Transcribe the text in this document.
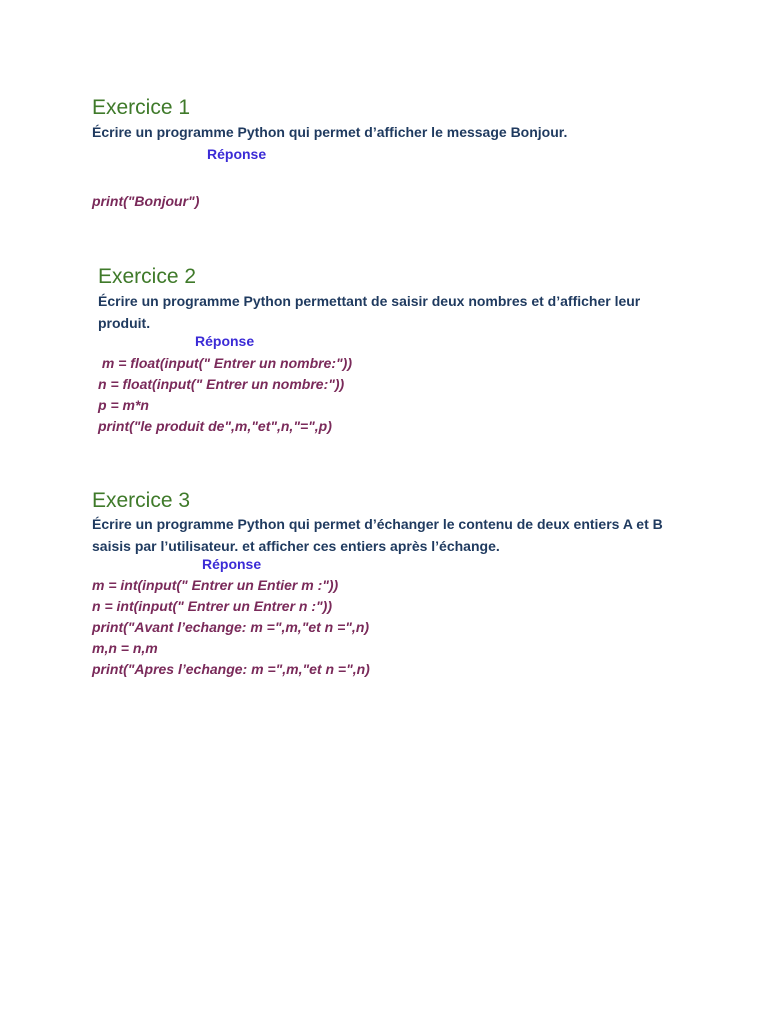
Exercice 1
Écrire un programme Python qui permet d’afficher le message Bonjour.
Réponse
print("Bonjour")
Exercice 2
Écrire un programme Python permettant de saisir deux nombres et d’afficher leur produit.
Réponse
m = float(input(" Entrer un nombre:"))
n = float(input(" Entrer un nombre:"))
p = m*n
print("le produit de",m,"et",n,"=",p)
Exercice 3
Écrire un programme Python qui permet d’échanger le contenu de deux entiers A et B saisis par l’utilisateur. et afficher ces entiers après l’échange.
Réponse
m = int(input(" Entrer un Entier m :"))
n = int(input(" Entrer un Entrer n :"))
print("Avant l’echange: m =",m,"et n =",n)
m,n = n,m
print("Apres l’echange: m =",m,"et n =",n)
